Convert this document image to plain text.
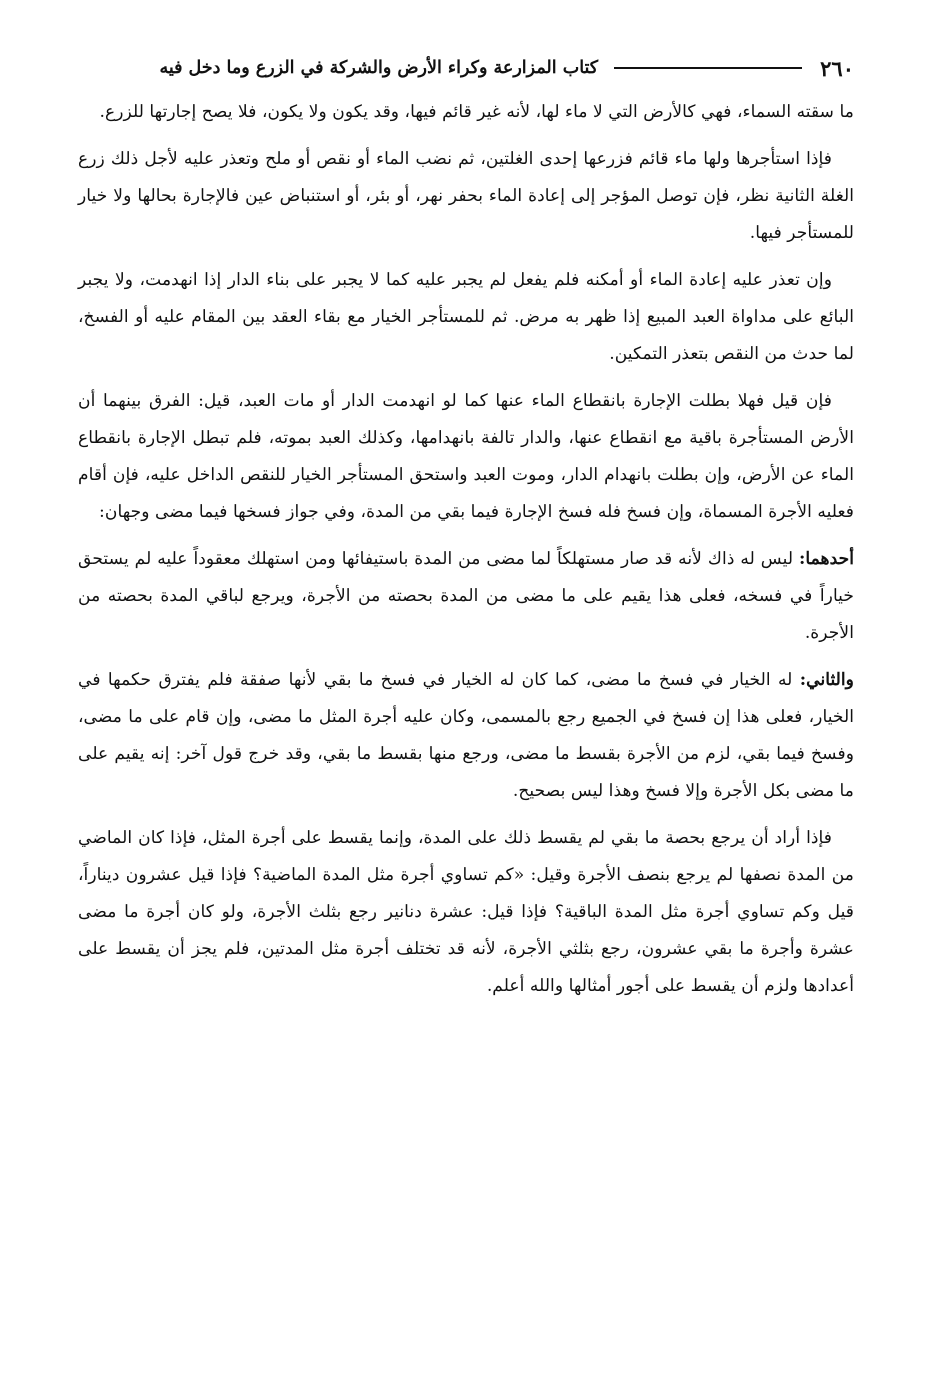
٢٦٠
كتاب المزارعة وكراء الأرض والشركة في الزرع وما دخل فيه

ما سقته السماء، فهي كالأرض التي لا ماء لها، لأنه غير قائم فيها، وقد يكون ولا يكون، فلا يصح إجارتها للزرع.

فإذا استأجرها ولها ماء قائم فزرعها إحدى الغلتين، ثم نضب الماء أو نقص أو ملح وتعذر عليه لأجل ذلك زرع الغلة الثانية نظر، فإن توصل المؤجر إلى إعادة الماء بحفر نهر، أو بئر، أو استنباض عين فالإجارة بحالها ولا خيار للمستأجر فيها.

وإن تعذر عليه إعادة الماء أو أمكنه فلم يفعل لم يجبر عليه كما لا يجبر على بناء الدار إذا انهدمت، ولا يجبر البائع على مداواة العبد المبيع إذا ظهر به مرض. ثم للمستأجر الخيار مع بقاء العقد بين المقام عليه أو الفسخ، لما حدث من النقص بتعذر التمكين.

فإن قيل فهلا بطلت الإجارة بانقطاع الماء عنها كما لو انهدمت الدار أو مات العبد، قيل: الفرق بينهما أن الأرض المستأجرة باقية مع انقطاع عنها، والدار تالفة بانهدامها، وكذلك العبد بموته، فلم تبطل الإجارة بانقطاع الماء عن الأرض، وإن بطلت بانهدام الدار، وموت العبد واستحق المستأجر الخيار للنقص الداخل عليه، فإن أقام فعليه الأجرة المسماة، وإن فسخ فله فسخ الإجارة فيما بقي من المدة، وفي جواز فسخها فيما مضى وجهان:

أحدهما: ليس له ذاك لأنه قد صار مستهلكاً لما مضى من المدة باستيفائها ومن استهلك معقوداً عليه لم يستحق خياراً في فسخه، فعلى هذا يقيم على ما مضى من المدة بحصته من الأجرة، ويرجع لباقي المدة بحصته من الأجرة.

والثاني: له الخيار في فسخ ما مضى، كما كان له الخيار في فسخ ما بقي لأنها صفقة فلم يفترق حكمها في الخيار، فعلى هذا إن فسخ في الجميع رجع بالمسمى، وكان عليه أجرة المثل ما مضى، وإن قام على ما مضى، وفسخ فيما بقي، لزم من الأجرة بقسط ما مضى، ورجع منها بقسط ما بقي، وقد خرج قول آخر: إنه يقيم على ما مضى بكل الأجرة وإلا فسخ وهذا ليس بصحيح.

فإذا أراد أن يرجع بحصة ما بقي لم يقسط ذلك على المدة، وإنما يقسط على أجرة المثل، فإذا كان الماضي من المدة نصفها لم يرجع بنصف الأجرة وقيل: «كم تساوي أجرة مثل المدة الماضية؟ فإذا قيل عشرون ديناراً، قيل وكم تساوي أجرة مثل المدة الباقية؟ فإذا قيل: عشرة دنانير رجع بثلث الأجرة، ولو كان أجرة ما مضى عشرة وأجرة ما بقي عشرون، رجع بثلثي الأجرة، لأنه قد تختلف أجرة مثل المدتين، فلم يجز أن يقسط على أعدادها ولزم أن يقسط على أجور أمثالها والله أعلم.
